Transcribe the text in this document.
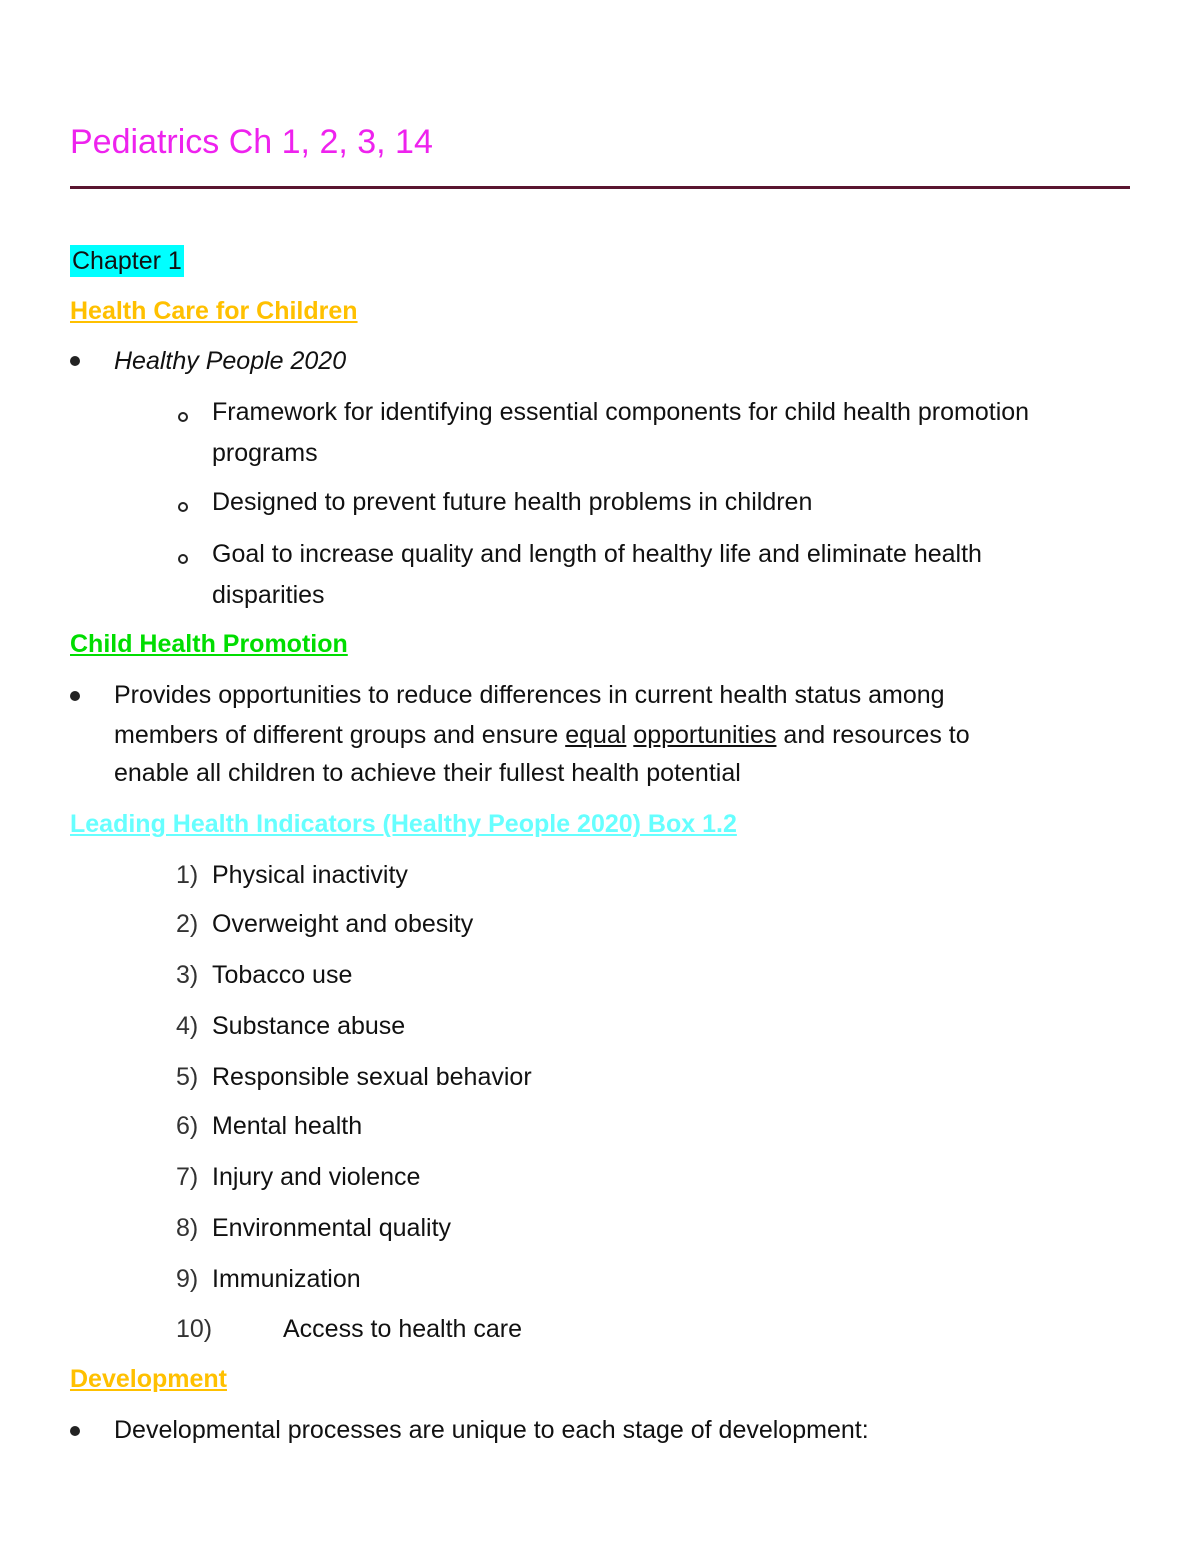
Pediatrics Ch 1, 2, 3, 14
Chapter 1
Health Care for Children
Healthy People 2020
Framework for identifying essential components for child health promotion
programs
Designed to prevent future health problems in children
Goal to increase quality and length of healthy life and eliminate health
disparities
Child Health Promotion
Provides opportunities to reduce differences in current health status among
members of different groups and ensure equal opportunities and resources to
enable all children to achieve their fullest health potential
Leading Health Indicators (Healthy People 2020) Box 1.2
1) Physical inactivity
2) Overweight and obesity
3) Tobacco use
4) Substance abuse
5) Responsible sexual behavior
6) Mental health
7) Injury and violence
8) Environmental quality
9) Immunization
10)	Access to health care
Development
Developmental processes are unique to each stage of development:
